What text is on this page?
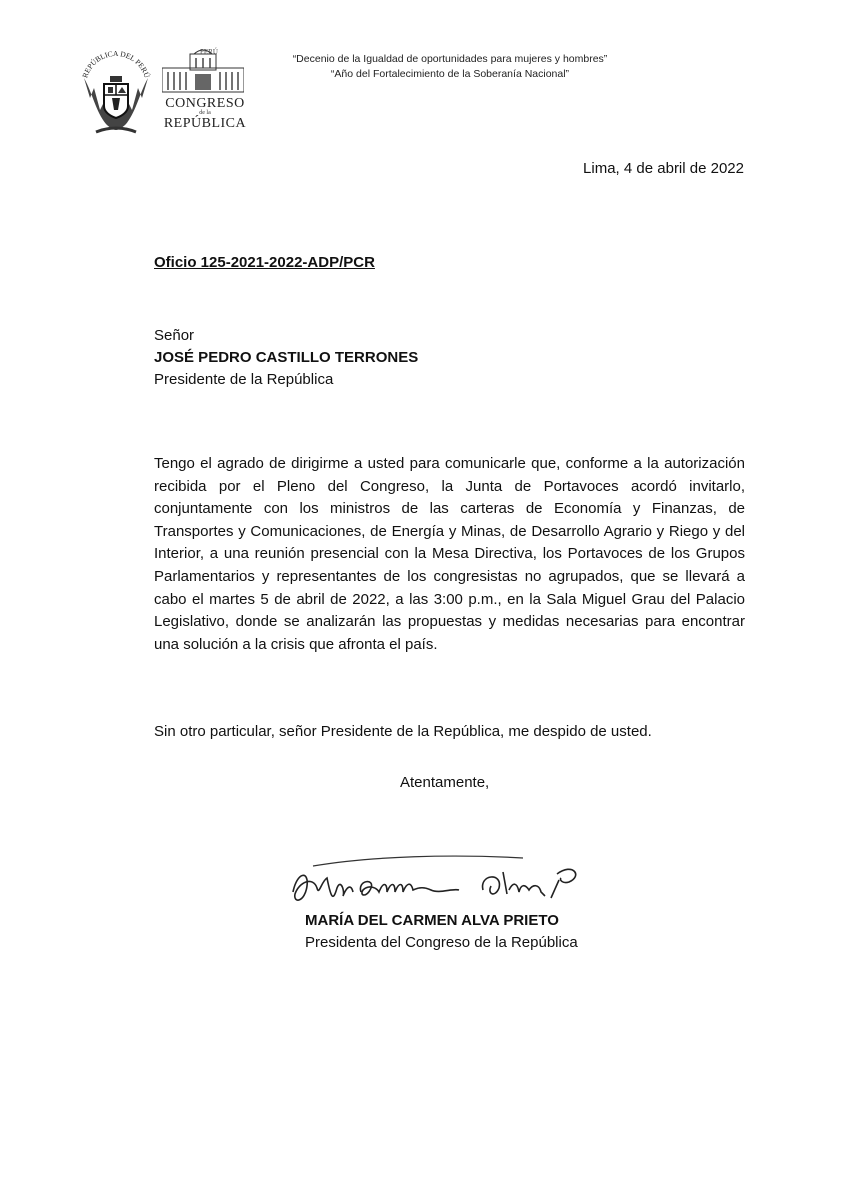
REPÚBLICA DEL PERÚ
PERÚ
CONGRESO
de la
REPÚBLICA
“Decenio de la Igualdad de oportunidades para mujeres y hombres”
“Año del Fortalecimiento de la Soberanía Nacional”
Lima, 4 de abril de 2022
Oficio 125-2021-2022-ADP/PCR
Señor
JOSÉ PEDRO CASTILLO TERRONES
Presidente de la República
Tengo el agrado de dirigirme a usted para comunicarle que, conforme a la autorización recibida por el Pleno del Congreso, la Junta de Portavoces acordó invitarlo, conjuntamente con los ministros de las carteras de Economía y Finanzas, de Transportes y Comunicaciones, de Energía y Minas, de Desarrollo Agrario y Riego y del Interior, a una reunión presencial con la Mesa Directiva, los Portavoces de los Grupos Parlamentarios y representantes de los congresistas no agrupados, que se llevará a cabo el martes 5 de abril de 2022, a las 3:00 p.m., en la Sala Miguel Grau del Palacio Legislativo, donde se analizarán las propuestas y medidas necesarias para encontrar una solución a la crisis que afronta el país.
Sin otro particular, señor Presidente de la República, me despido de usted.
Atentamente,
MARÍA DEL CARMEN ALVA PRIETO
Presidenta del Congreso de la República
